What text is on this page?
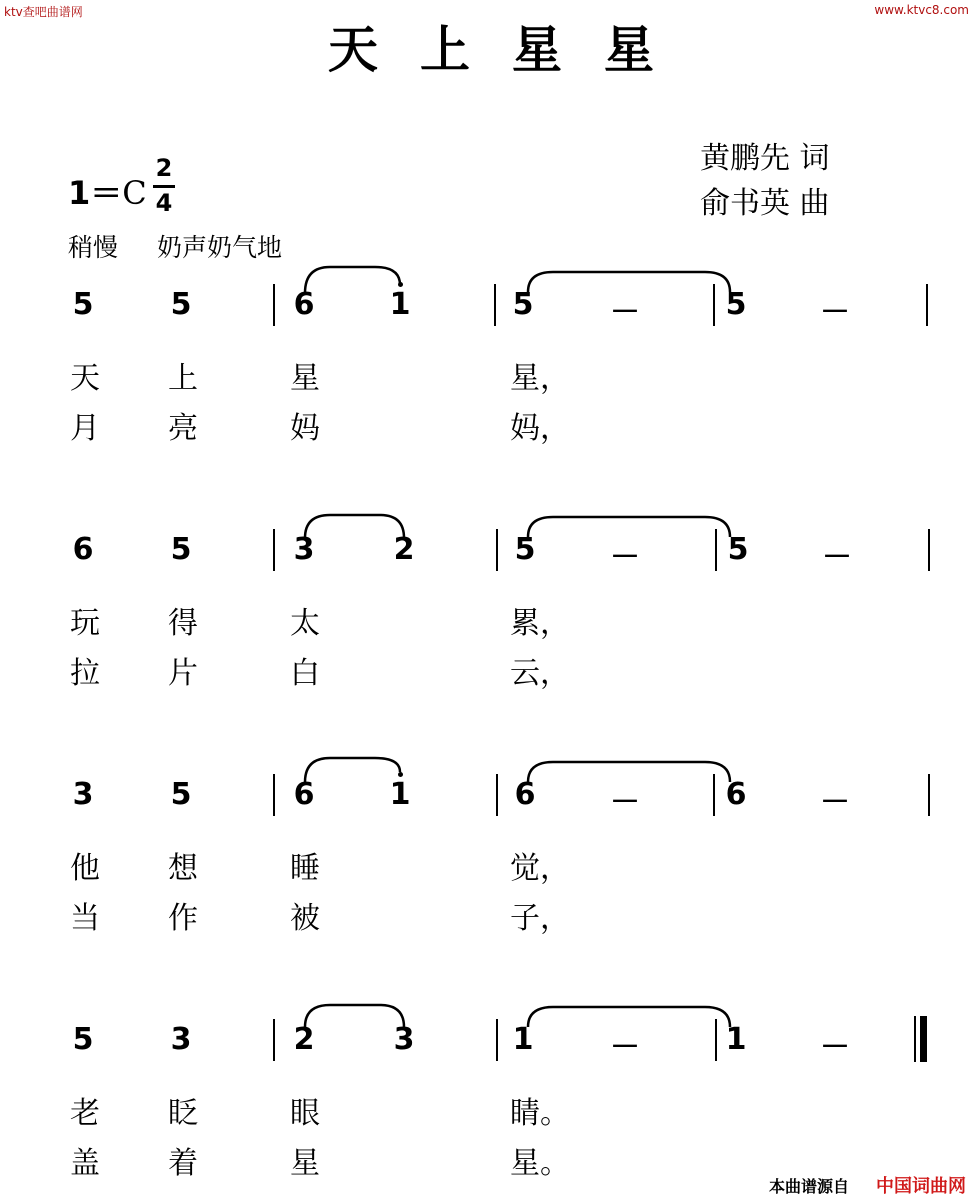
ktv查吧曲谱网	www.ktvc8.com
天上星星
黄鹏先 词
俞书英 曲
1＝C
2
4
稍慢 奶声奶气地
5	5	6	1	5	－	5 －
天 上	星	星，
月 亮	妈	妈，
6	5	3	2	5 －	5 －
玩 得	太	累，
拉 片	白	云，
3	5	6	1	6 －	6 －
他 想	睡	觉，
当 作	被	子，
5	3	2	3	1	－	1 －
老 眨	眼	睛。
盖 着	星	星。
本曲谱源自 中国词曲网
